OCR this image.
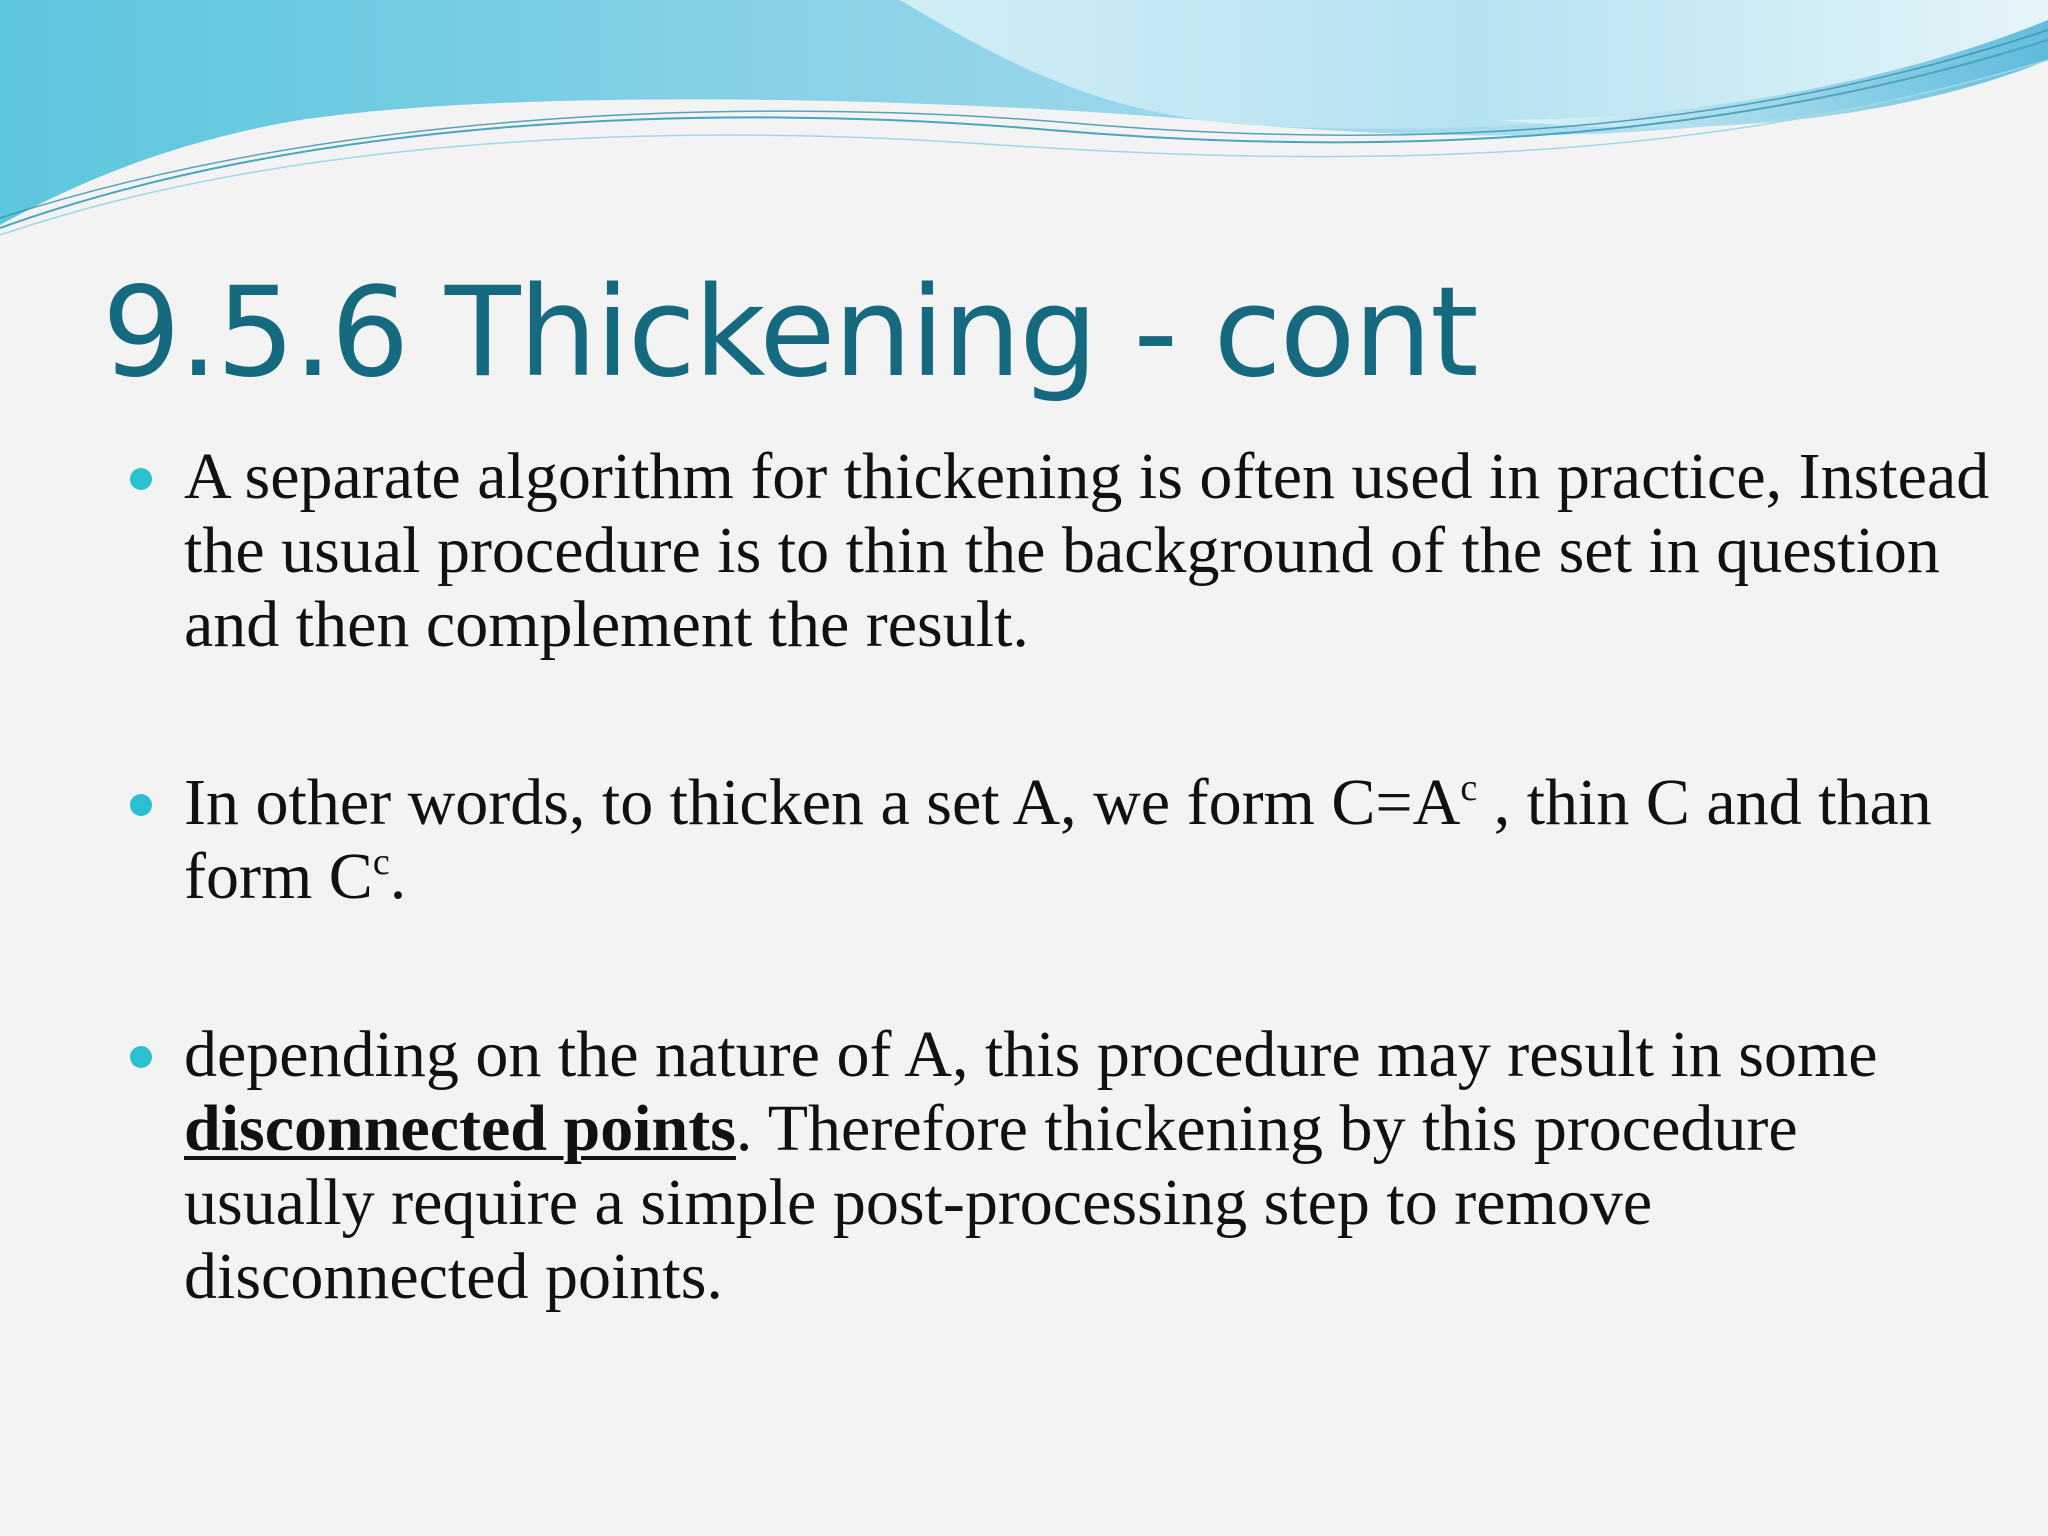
9.5.6 Thickening - cont
A separate algorithm for thickening is often used in practice, Instead the usual procedure is to thin the background of the set in question and then complement the result.
In other words, to thicken a set A, we form $C=A^c$ , thin C and than form $C^c$.
depending on the nature of A, this procedure may result in some disconnected points. Therefore thickening by this procedure usually require a simple post-processing step to remove disconnected points.
